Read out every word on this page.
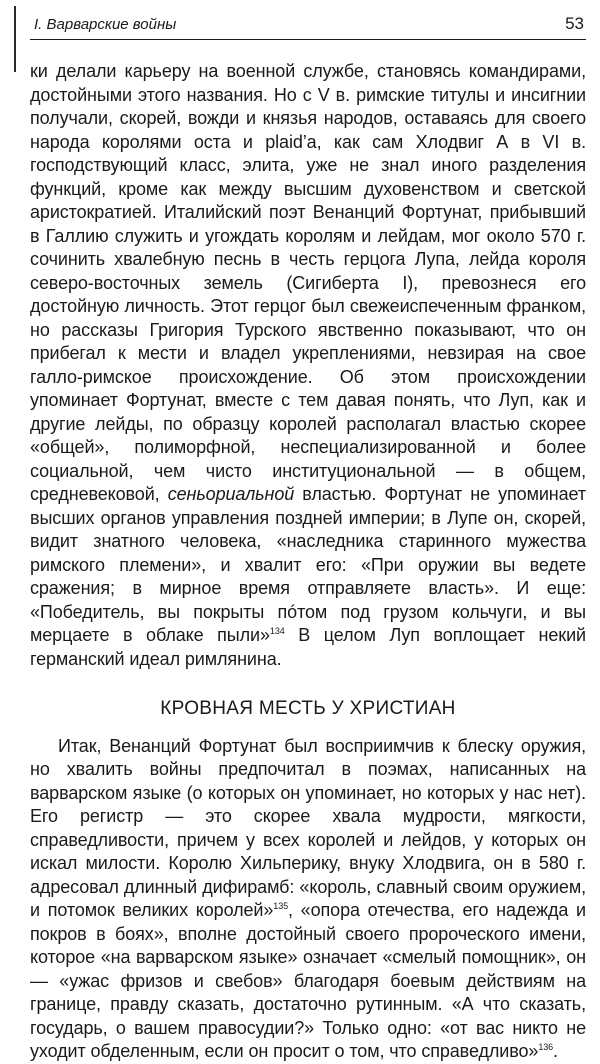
I. Варварские войны	53

ки делали карьеру на военной службе, становясь командирами, достойными этого названия. Но с V в. римские титулы и инсигнии получали, скорей, вожди и князья народов, оставаясь для своего народа королями оста и plaid’a, как сам Хлодвиг А в VI в. господствующий класс, элита, уже не знал иного разделения функций, кроме как между высшим духовенством и светской аристократией. Италийский поэт Венанций Фортунат, прибывший в Галлию служить и угождать королям и лейдам, мог около 570 г. сочинить хвалебную песнь в честь герцога Лупа, лейда короля северо-восточных земель (Сигиберта I), превознеся его достойную личность. Этот герцог был свежеиспеченным франком, но рассказы Григория Турского явственно показывают, что он прибегал к мести и владел укреплениями, невзирая на свое галло-римское происхождение. Об этом происхождении упоминает Фортунат, вместе с тем давая понять, что Луп, как и другие лейды, по образцу королей располагал властью скорее «общей», полиморфной, неспециализированной и более социальной, чем чисто институциональной — в общем, средневековой, сеньориальной властью. Фортунат не упоминает высших органов управления поздней империи; в Лупе он, скорей, видит знатного человека, «наследника старинного мужества римского племени», и хвалит его: «При оружии вы ведете сражения; в мирное время отправляете власть». И еще: «Победитель, вы покрыты пóтом под грузом кольчуги, и вы мерцаете в облаке пыли»$^{134}$ В целом Луп воплощает некий германский идеал римлянина.

КРОВНАЯ МЕСТЬ У ХРИСТИАН

Итак, Венанций Фортунат был восприимчив к блеску оружия, но хвалить войны предпочитал в поэмах, написанных на варварском языке (о которых он упоминает, но которых у нас нет). Его регистр — это скорее хвала мудрости, мягкости, справедливости, причем у всех королей и лейдов, у которых он искал милости. Королю Хильперику, внуку Хлодвига, он в 580 г. адресовал длинный дифирамб: «король, славный своим оружием, и потомок великих королей»$^{135}$, «опора отечества, его надежда и покров в боях», вполне достойный своего пророческого имени, которое «на варварском языке» означает «смелый помощник», он — «ужас фризов и свебов» благодаря боевым действиям на границе, правду сказать, достаточно рутинным. «А что сказать, государь, о вашем правосудии?» Только одно: «от вас никто не уходит обделенным, если он просит о том, что справедливо»$^{136}$.
